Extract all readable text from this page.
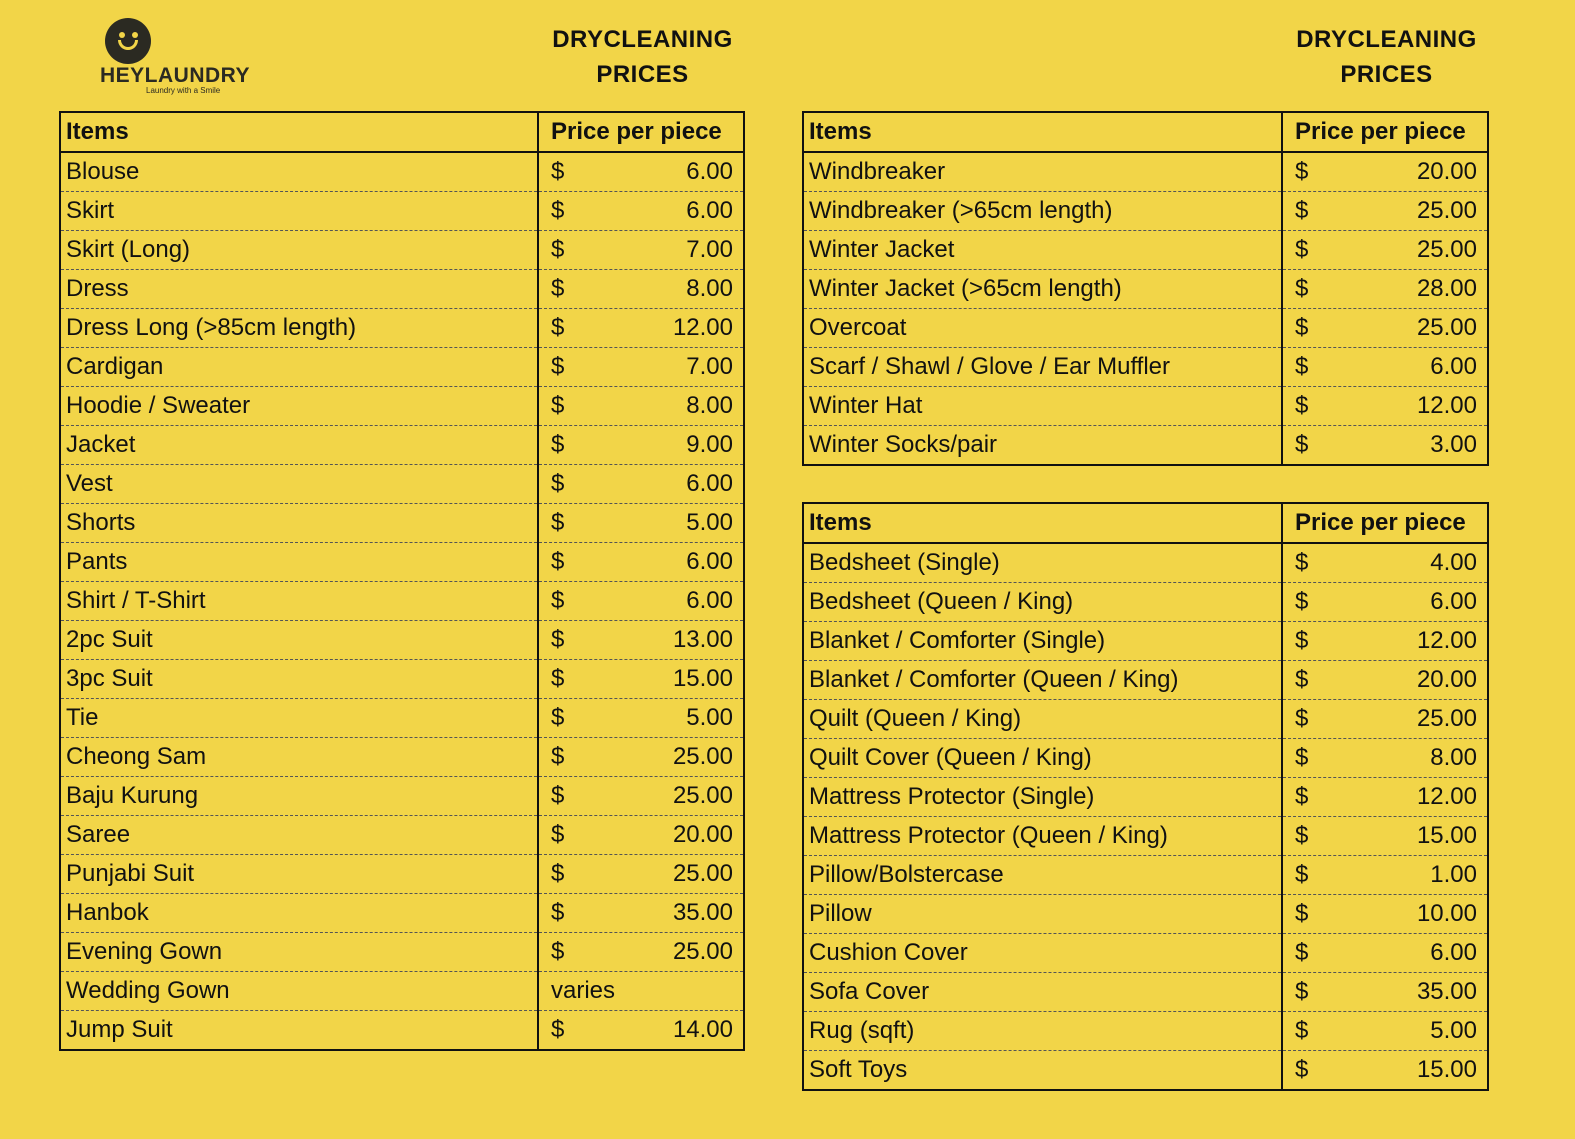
HEYLAUNDRY
Laundry with a Smile
DRYCLEANING
PRICES
DRYCLEANING
PRICES
Items	Price per piece
Blouse	$ 6.00

Skirt	$ 6.00

Skirt (Long)	$ 7.00

Dress	$ 8.00

Dress Long (>85cm length)	$ 12.00

Cardigan	$ 7.00

Hoodie / Sweater	$ 8.00

Jacket	$ 9.00

Vest	$ 6.00

Shorts	$ 5.00

Pants	$ 6.00

Shirt / T-Shirt	$ 6.00

2pc Suit	$ 13.00

3pc Suit	$ 15.00

Tie	$ 5.00

Cheong Sam	$ 25.00

Baju Kurung	$ 25.00

Saree	$ 20.00

Punjabi Suit	$ 25.00

Hanbok	$ 35.00

Evening Gown	$ 25.00

Wedding Gown	varies

Jump Suit	$ 14.00
Items	Price per piece
Windbreaker	$ 20.00

Windbreaker (>65cm length)	$ 25.00

Winter Jacket	$ 25.00

Winter Jacket (>65cm length)	$ 28.00

Overcoat	$ 25.00

Scarf / Shawl / Glove / Ear Muffler	$ 6.00

Winter Hat	$ 12.00

Winter Socks/pair	$ 3.00
Items	Price per piece
Bedsheet (Single)	$ 4.00

Bedsheet (Queen / King)	$ 6.00

Blanket / Comforter (Single)	$ 12.00

Blanket / Comforter (Queen / King)	$ 20.00

Quilt (Queen / King)	$ 25.00

Quilt Cover (Queen / King)	$ 8.00

Mattress Protector (Single)	$ 12.00

Mattress Protector (Queen / King)	$ 15.00

Pillow/Bolstercase	$ 1.00

Pillow	$ 10.00

Cushion Cover	$ 6.00

Sofa Cover	$ 35.00

Rug (sqft)	$ 5.00

Soft Toys	$ 15.00
